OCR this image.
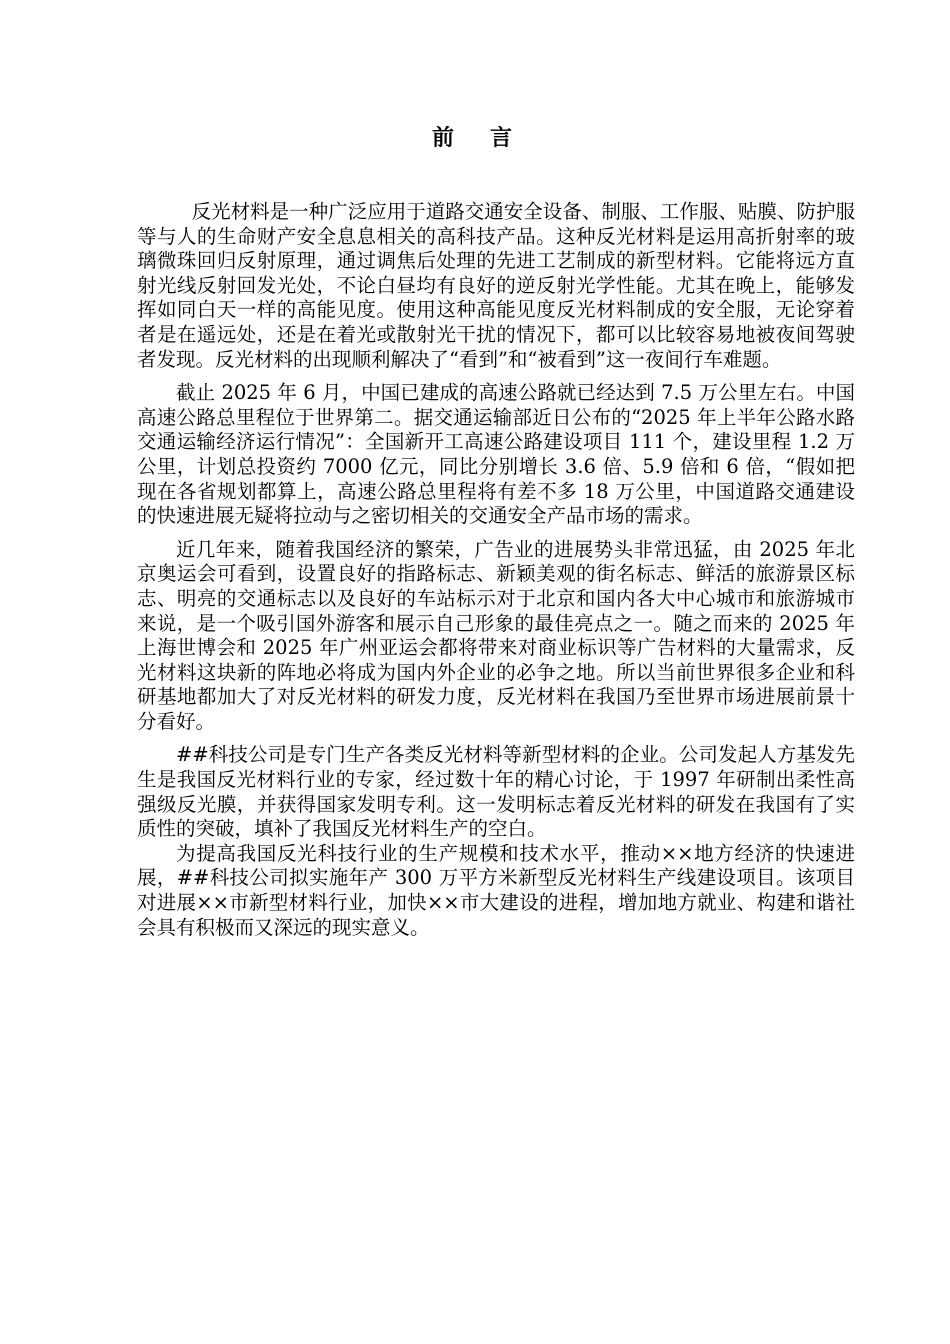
前言

反光材料是一种广泛应用于道路交通安全设备、制服、工作服、贴膜、防护服等与人的生命财产安全息息相关的高科技产品。这种反光材料是运用高折射率的玻璃微珠回归反射原理，通过调焦后处理的先进工艺制成的新型材料。它能将远方直射光线反射回发光处，不论白昼均有良好的逆反射光学性能。尤其在晚上，能够发挥如同白天一样的高能见度。使用这种高能见度反光材料制成的安全服，无论穿着者是在遥远处，还是在着光或散射光干扰的情况下，都可以比较容易地被夜间驾驶者发现。反光材料的出现顺利解决了“看到”和“被看到”这一夜间行车难题。

截止 2025 年 6 月，中国已建成的高速公路就已经达到 7.5 万公里左右。中国高速公路总里程位于世界第二。据交通运输部近日公布的“2025 年上半年公路水路交通运输经济运行情况”：全国新开工高速公路建设项目 111 个，建设里程 1.2 万公里，计划总投资约 7000 亿元，同比分别增长 3.6 倍、5.9 倍和 6 倍，“假如把现在各省规划都算上，高速公路总里程将有差不多 18 万公里，中国道路交通建设的快速进展无疑将拉动与之密切相关的交通安全产品市场的需求。

近几年来，随着我国经济的繁荣，广告业的进展势头非常迅猛，由 2025 年北京奥运会可看到，设置良好的指路标志、新颖美观的街名标志、鲜活的旅游景区标志、明亮的交通标志以及良好的车站标示对于北京和国内各大中心城市和旅游城市来说，是一个吸引国外游客和展示自己形象的最佳亮点之一。随之而来的 2025 年上海世博会和 2025 年广州亚运会都将带来对商业标识等广告材料的大量需求，反光材料这块新的阵地必将成为国内外企业的必争之地。所以当前世界很多企业和科研基地都加大了对反光材料的研发力度，反光材料在我国乃至世界市场进展前景十分看好。

##科技公司是专门生产各类反光材料等新型材料的企业。公司发起人方基发先生是我国反光材料行业的专家，经过数十年的精心讨论，于 1997 年研制出柔性高强级反光膜，并获得国家发明专利。这一发明标志着反光材料的研发在我国有了实质性的突破，填补了我国反光材料生产的空白。

为提高我国反光科技行业的生产规模和技术水平，推动××地方经济的快速进展，##科技公司拟实施年产 300 万平方米新型反光材料生产线建设项目。该项目对进展××市新型材料行业，加快××市大建设的进程，增加地方就业、构建和谐社会具有积极而又深远的现实意义。
